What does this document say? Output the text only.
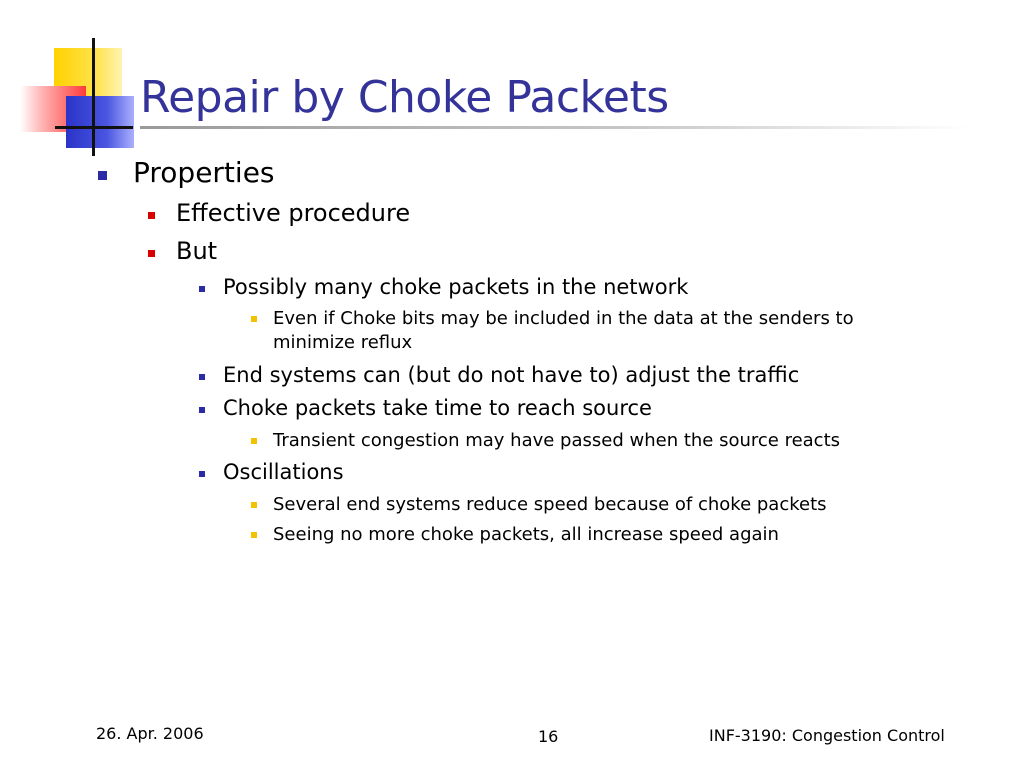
Repair by Choke Packets
Properties
Effective procedure
But
Possibly many choke packets in the network
Even if Choke bits may be included in the data at the senders to minimize reflux
End systems can (but do not have to) adjust the traffic
Choke packets take time to reach source
Transient congestion may have passed when the source reacts
Oscillations
Several end systems reduce speed because of choke packets
Seeing no more choke packets, all increase speed again
26. Apr. 2006	16	INF-3190: Congestion Control
